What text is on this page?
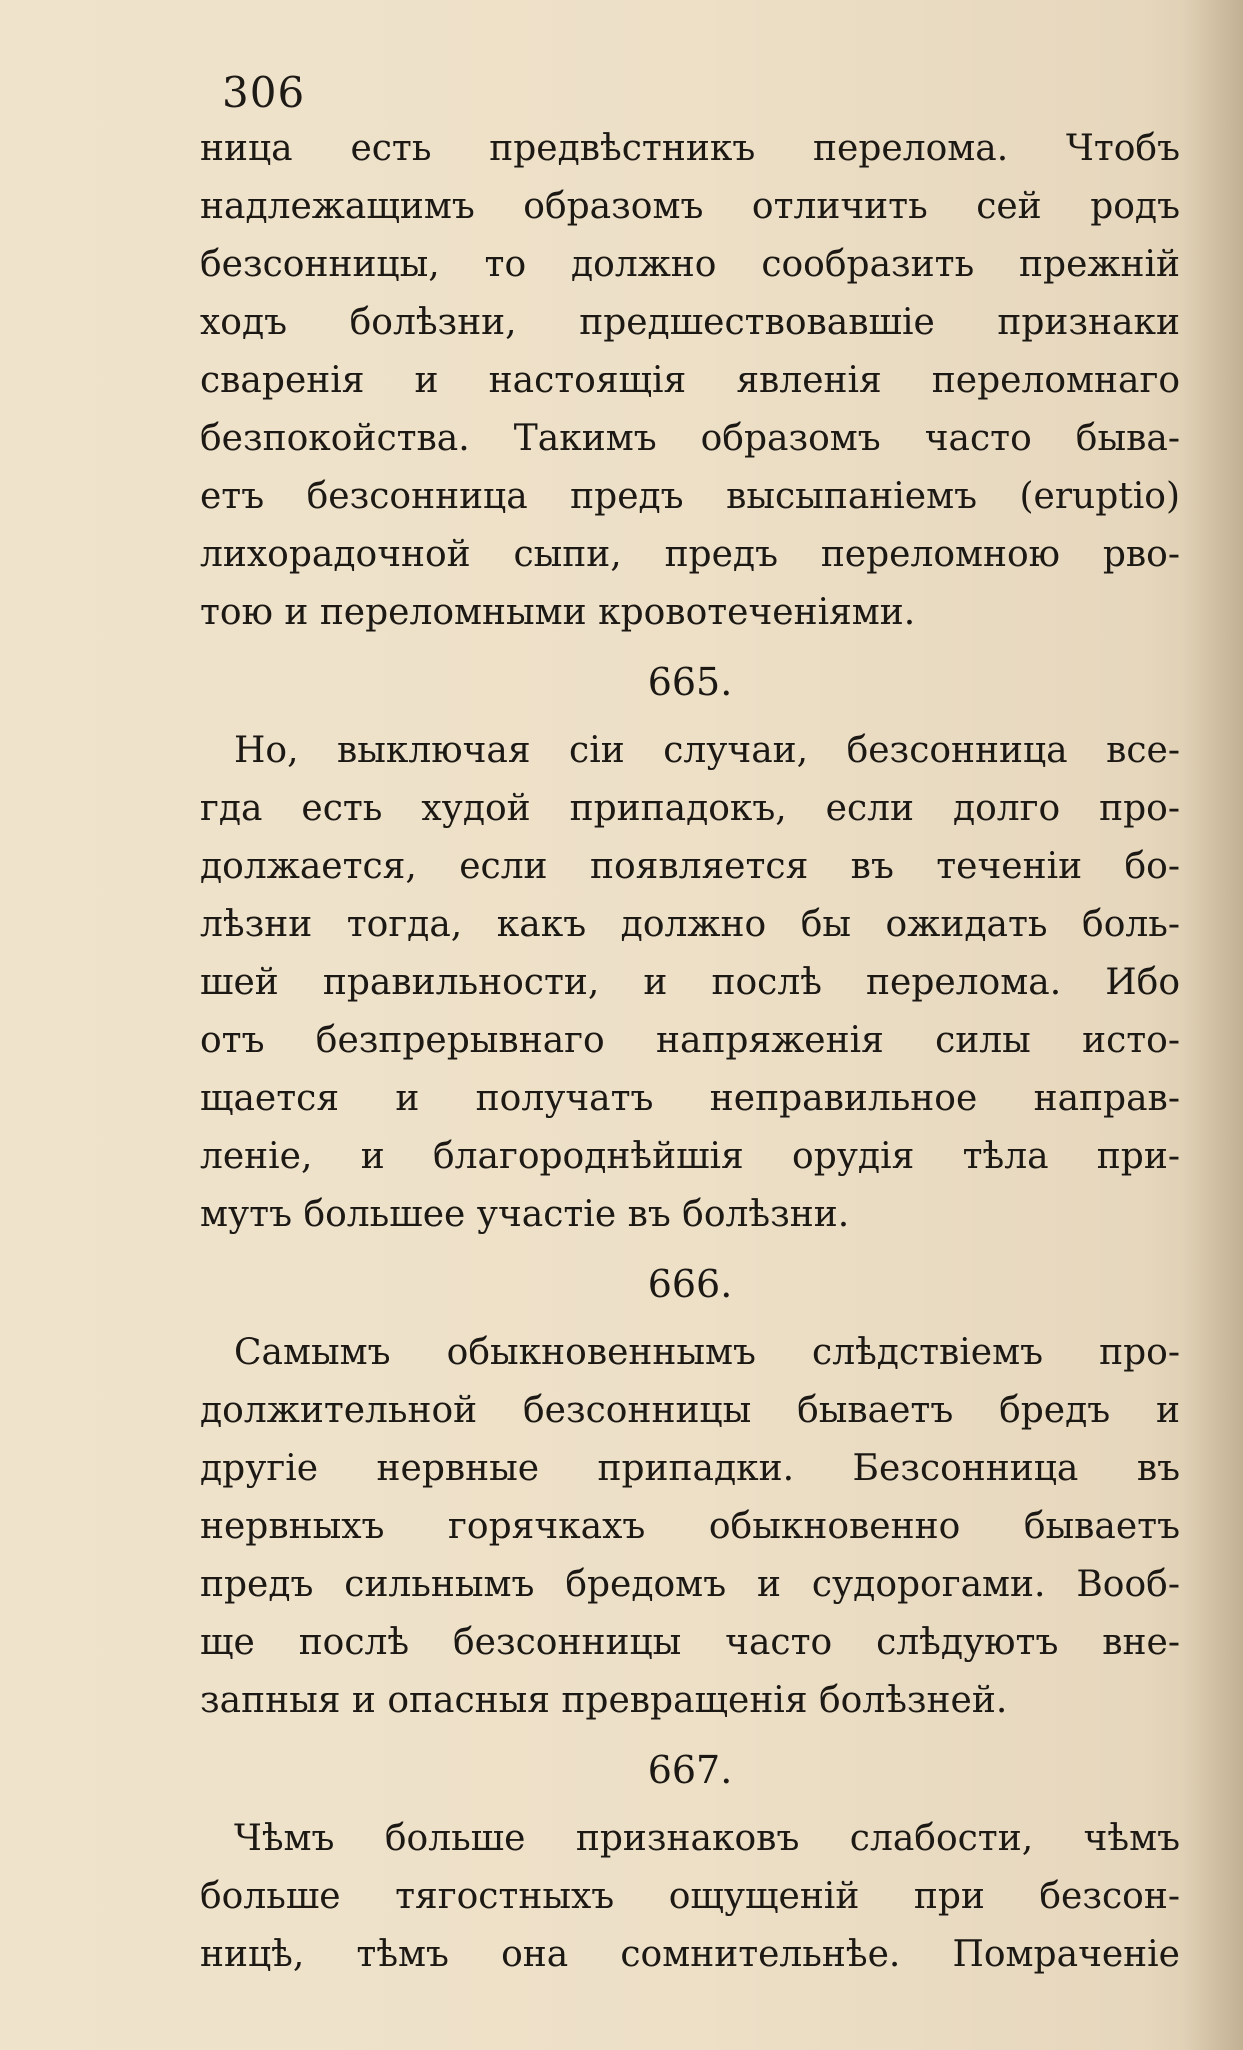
306
ница есть предвѣстникъ перелома. Чтобъ
надлежащимъ образомъ отличить сей родъ
безсонницы, то должно сообразить прежній
ходъ болѣзни, предшествовавшіе признаки
сваренія и настоящія явленія переломнаго
безпокойства. Такимъ образомъ часто быва-
етъ безсонница предъ высыпаніемъ (eruptio)
лихорадочной сыпи, предъ переломною рво-
тою и переломными кровотеченіями.
665.
Но, выключая сіи случаи, безсонница все-
гда есть худой припадокъ, если долго про-
должается, если появляется въ теченіи бо-
лѣзни тогда, какъ должно бы ожидать боль-
шей правильности, и послѣ перелома. Ибо
отъ безпрерывнаго напряженія силы исто-
щается и получатъ неправильное направ-
леніе, и благороднѣйшія орудія тѣла при-
мутъ большее участіе въ болѣзни.
666.
Самымъ обыкновеннымъ слѣдствіемъ про-
должительной безсонницы бываетъ бредъ и
другіе нервные припадки. Безсонница въ
нервныхъ горячкахъ обыкновенно бываетъ
предъ сильнымъ бредомъ и судорогами. Вооб-
ще послѣ безсонницы часто слѣдуютъ вне-
запныя и опасныя превращенія болѣзней.
667.
Чѣмъ больше признаковъ слабости, чѣмъ
больше тягостныхъ ощущеній при безсон-
ницѣ, тѣмъ она сомнительнѣе. Помраченіе
